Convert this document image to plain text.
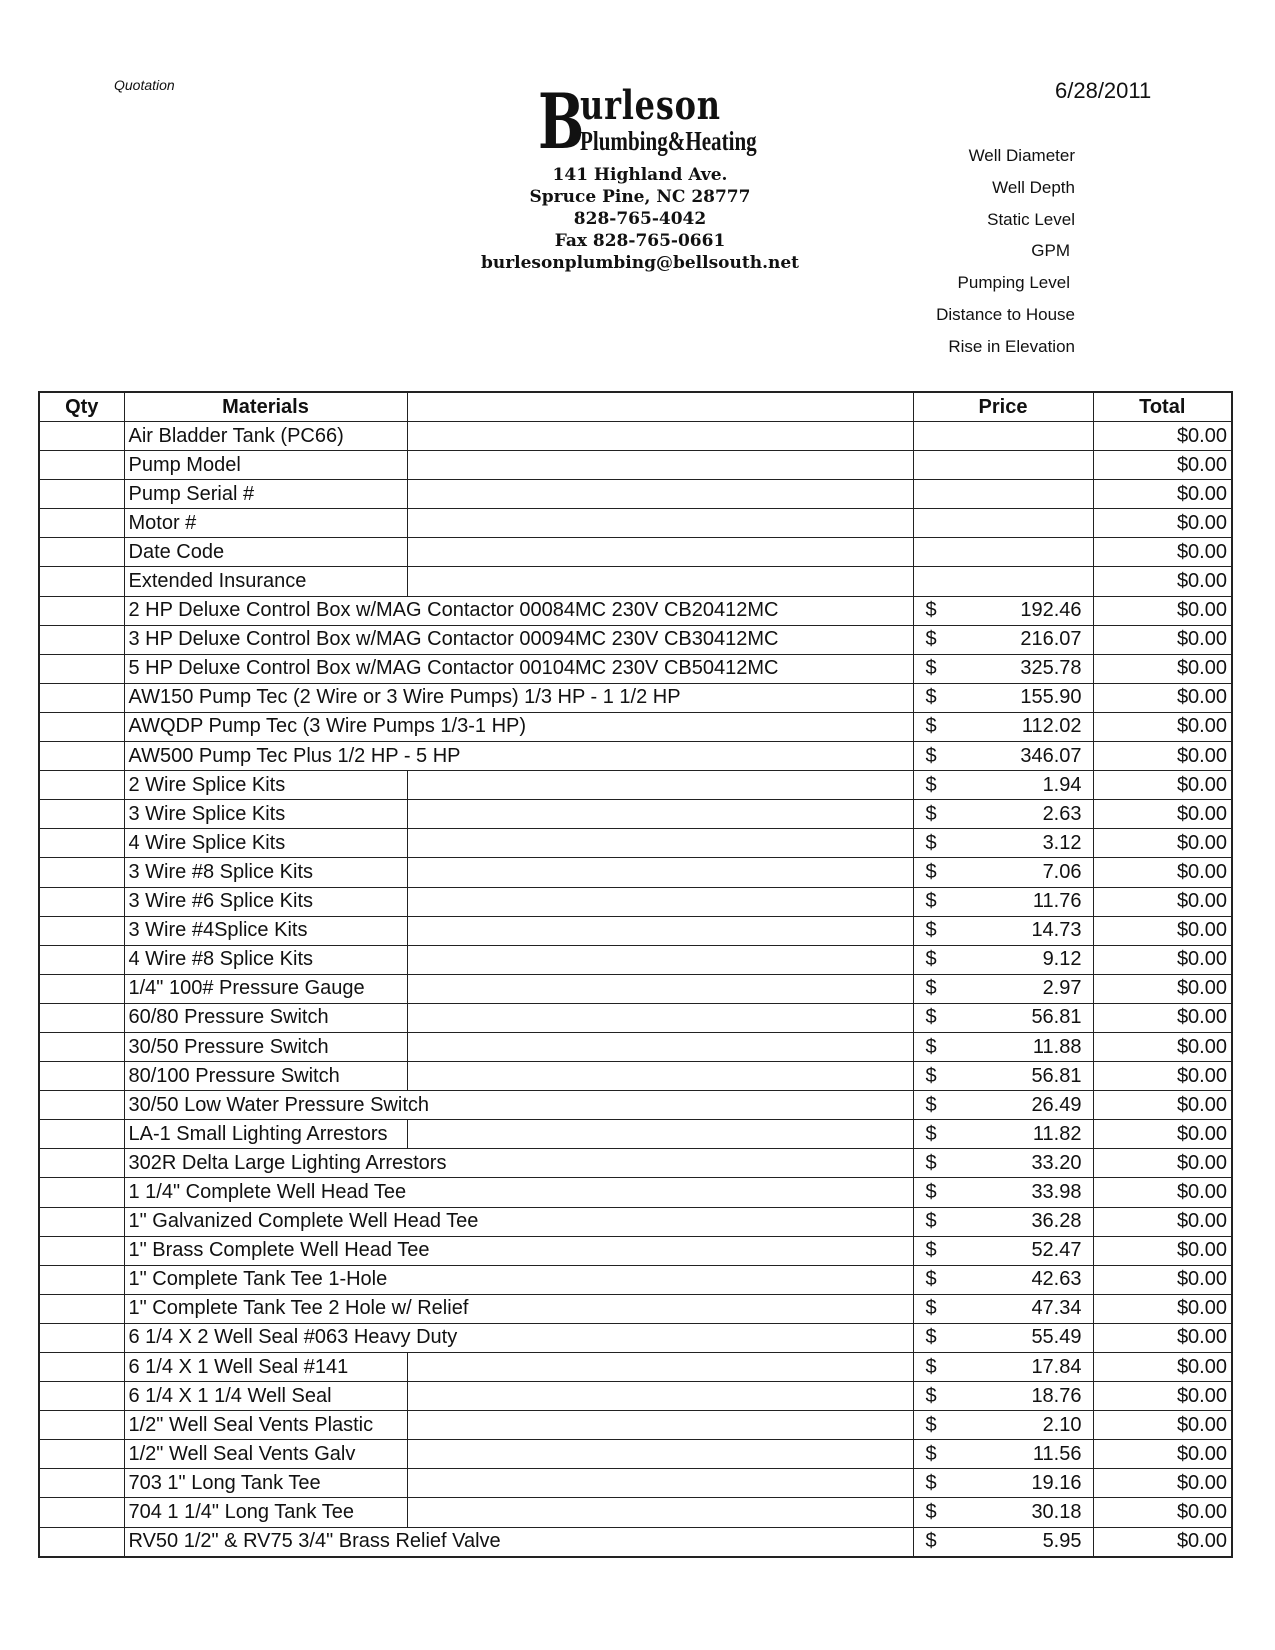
Quotation	6/28/2011
B
urleson
Plumbing&Heating
141 Highland Ave.
Spruce Pine, NC 28777
828-765-4042
Fax 828-765-0661
burlesonplumbing@bellsouth.net
Well Diameter
Well Depth
Static Level
GPM
Pumping Level
Distance to House
Rise in Elevation
Qty	Materials		Price	Total
	Air Bladder Tank (PC66)			$0.00
	Pump Model			$0.00
	Pump Serial #			$0.00
	Motor #			$0.00
	Date Code			$0.00
	Extended Insurance			$0.00
	2 HP Deluxe Control Box w/MAG Contactor 00084MC 230V CB20412MC		$ 192.46	$0.00
	3 HP Deluxe Control Box w/MAG Contactor 00094MC 230V CB30412MC		$ 216.07	$0.00
	5 HP Deluxe Control Box w/MAG Contactor 00104MC 230V CB50412MC		$ 325.78	$0.00
	AW150 Pump Tec (2 Wire or 3 Wire Pumps) 1/3 HP - 1 1/2 HP		$ 155.90	$0.00
	AWQDP Pump Tec (3 Wire Pumps 1/3-1 HP)		$ 112.02	$0.00
	AW500 Pump Tec Plus 1/2 HP - 5 HP		$ 346.07	$0.00
	2 Wire Splice Kits		$ 1.94	$0.00
	3 Wire Splice Kits		$ 2.63	$0.00
	4 Wire Splice Kits		$ 3.12	$0.00
	3 Wire #8 Splice Kits		$ 7.06	$0.00
	3 Wire #6 Splice Kits		$ 11.76	$0.00
	3 Wire #4Splice Kits		$ 14.73	$0.00
	4 Wire #8 Splice Kits		$ 9.12	$0.00
	1/4" 100# Pressure Gauge		$ 2.97	$0.00
	60/80 Pressure Switch		$ 56.81	$0.00
	30/50 Pressure Switch		$ 11.88	$0.00
	80/100 Pressure Switch		$ 56.81	$0.00
	30/50 Low Water Pressure Switch		$ 26.49	$0.00
	LA-1 Small Lighting Arrestors		$ 11.82	$0.00
	302R Delta Large Lighting Arrestors		$ 33.20	$0.00
	1 1/4" Complete Well Head Tee		$ 33.98	$0.00
	1" Galvanized Complete Well Head Tee		$ 36.28	$0.00
	1" Brass Complete Well Head Tee		$ 52.47	$0.00
	1" Complete Tank Tee 1-Hole		$ 42.63	$0.00
	1" Complete Tank Tee 2 Hole w/ Relief		$ 47.34	$0.00
	6 1/4 X 2 Well Seal #063 Heavy Duty		$ 55.49	$0.00
	6 1/4 X 1 Well Seal #141		$ 17.84	$0.00
	6 1/4 X 1 1/4 Well Seal		$ 18.76	$0.00
	1/2" Well Seal Vents Plastic		$ 2.10	$0.00
	1/2" Well Seal Vents Galv		$ 11.56	$0.00
	703 1" Long Tank Tee		$ 19.16	$0.00
	704 1 1/4" Long Tank Tee		$ 30.18	$0.00
	RV50 1/2" & RV75 3/4" Brass Relief Valve		$ 5.95	$0.00
